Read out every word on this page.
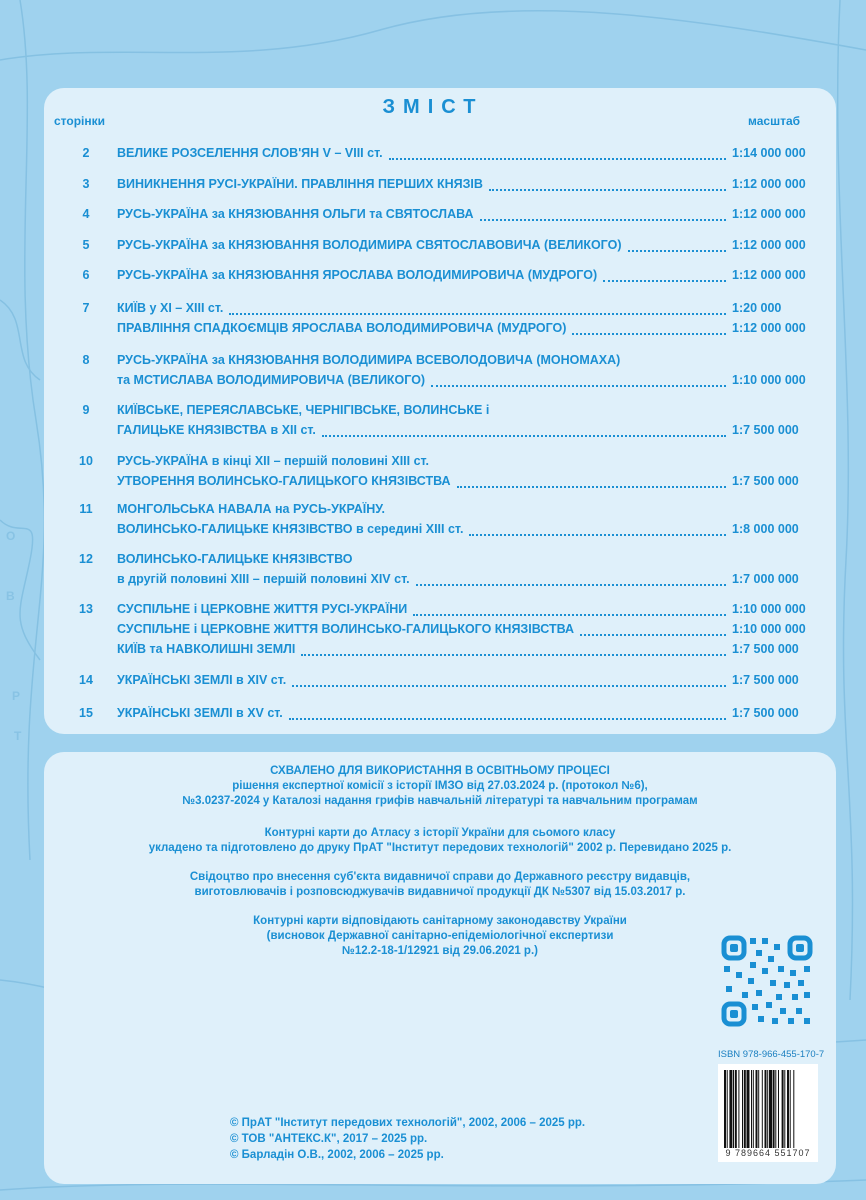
О
В
Р
Т
ЗМІСТ
сторінки	масштаб
2	ВЕЛИКЕ РОЗСЕЛЕННЯ СЛОВ'ЯН V – VIII ст.	1:14 000 000
3	ВИНИКНЕННЯ РУСІ-УКРАЇНИ. ПРАВЛІННЯ ПЕРШИХ КНЯЗІВ	1:12 000 000
4	РУСЬ-УКРАЇНА за КНЯЗЮВАННЯ ОЛЬГИ та СВЯТОСЛАВА	1:12 000 000
5	РУСЬ-УКРАЇНА за КНЯЗЮВАННЯ ВОЛОДИМИРА СВЯТОСЛАВОВИЧА (ВЕЛИКОГО)	1:12 000 000
6	РУСЬ-УКРАЇНА за КНЯЗЮВАННЯ ЯРОСЛАВА ВОЛОДИМИРОВИЧА (МУДРОГО)	1:12 000 000
7	КИЇВ у XI – XIII ст.	1:20 000
ПРАВЛІННЯ СПАДКОЄМЦІВ ЯРОСЛАВА ВОЛОДИМИРОВИЧА (МУДРОГО)	1:12 000 000
8	РУСЬ-УКРАЇНА за КНЯЗЮВАННЯ ВОЛОДИМИРА ВСЕВОЛОДОВИЧА (МОНОМАХА)
та МСТИСЛАВА ВОЛОДИМИРОВИЧА (ВЕЛИКОГО)	1:10 000 000
9	КИЇВСЬКЕ, ПЕРЕЯСЛАВСЬКЕ, ЧЕРНІГІВСЬКЕ, ВОЛИНСЬКЕ і
ГАЛИЦЬКЕ КНЯЗІВСТВА в XII ст.	1:7 500 000
10	РУСЬ-УКРАЇНА в кінці XII – першій половині XIII ст.
УТВОРЕННЯ ВОЛИНСЬКО-ГАЛИЦЬКОГО КНЯЗІВСТВА	1:7 500 000
11	МОНГОЛЬСЬКА НАВАЛА на РУСЬ-УКРАЇНУ.
ВОЛИНСЬКО-ГАЛИЦЬКЕ КНЯЗІВСТВО в середині XIII ст.	1:8 000 000
12	ВОЛИНСЬКО-ГАЛИЦЬКЕ КНЯЗІВСТВО
в другій половині XIII – першій половині XIV ст.	1:7 000 000
13	СУСПІЛЬНЕ і ЦЕРКОВНЕ ЖИТТЯ РУСІ-УКРАЇНИ	1:10 000 000
СУСПІЛЬНЕ і ЦЕРКОВНЕ ЖИТТЯ ВОЛИНСЬКО-ГАЛИЦЬКОГО КНЯЗІВСТВА	1:10 000 000
КИЇВ та НАВКОЛИШНІ ЗЕМЛІ	1:7 500 000
14	УКРАЇНСЬКІ ЗЕМЛІ в XIV ст.	1:7 500 000
15	УКРАЇНСЬКІ ЗЕМЛІ в XV ст.	1:7 500 000
СХВАЛЕНО ДЛЯ ВИКОРИСТАННЯ В ОСВІТНЬОМУ ПРОЦЕСІ
рішення експертної комісії з історії ІМЗО від 27.03.2024 р. (протокол №6),
№3.0237-2024 у Каталозі надання грифів навчальній літературі та навчальним програмам
Контурні карти до Атласу з історії України для сьомого класу
укладено та підготовлено до друку ПрАТ "Інститут передових технологій" 2002 р. Перевидано 2025 р.
Свідоцтво про внесення суб'єкта видавничої справи до Державного реєстру видавців,
виготовлювачів і розповсюджувачів видавничої продукції ДК №5307 від 15.03.2017 р.
Контурні карти відповідають санітарному законодавству України
(висновок Державної санітарно-епідеміологічної експертизи
№12.2-18-1/12921 від 29.06.2021 р.)
ISBN 978-966-455-170-7
9 789664 551707
© ПрАТ "Інститут передових технологій", 2002, 2006 – 2025 рр.
© ТОВ "АНТЕКС.К", 2017 – 2025 рр.
© Барладін О.В., 2002, 2006 – 2025 рр.
